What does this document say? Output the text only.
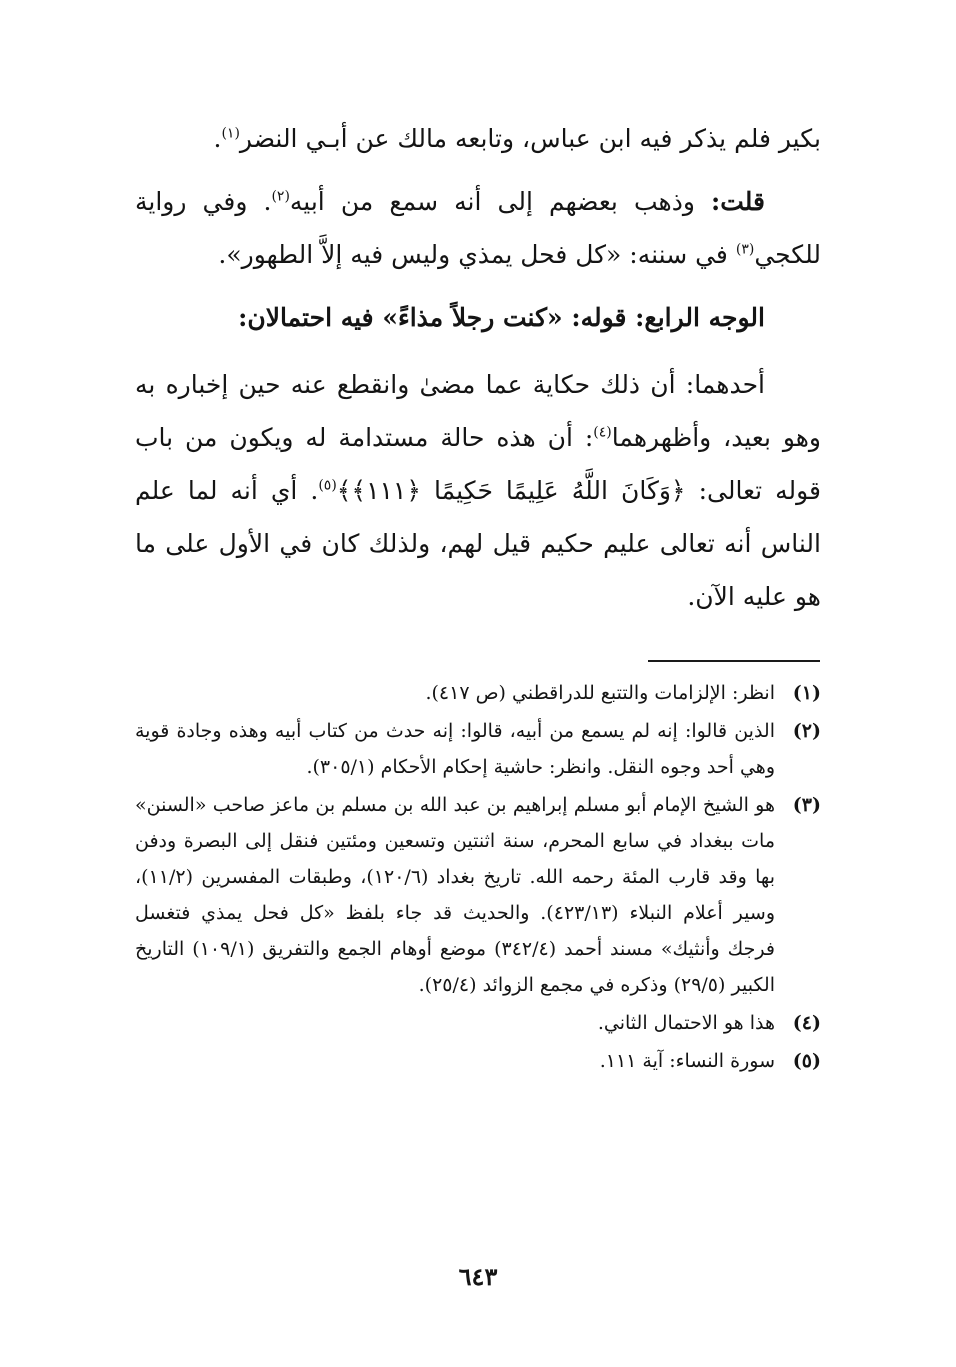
بكير فلم يذكر فيه ابن عباس، وتابعه مالك عن أبـي النضر$^{(١)}$.

قلت: وذهب بعضهم إلى أنه سمع من أبيه$^{(٢)}$. وفي رواية للكجي$^{(٣)}$ في سننه: «كل فحل يمذي وليس فيه إلاَّ الطهور».

الوجه الرابع: قوله: «كنت رجلاً مذاءً» فيه احتمالان:

أحدهما: أن ذلك حكاية عما مضىٰ وانقطع عنه حين إخباره به وهو بعيد، وأظهرهما$^{(٤)}$: أن هذه حالة مستدامة له ويكون من باب قوله تعالى: ﴿وَكَانَ اللَّهُ عَلِيمًا حَكِيمًا ﴿١١١﴾﴾$^{(٥)}$. أي أنه لما علم الناس أنه تعالى عليم حكيم قيل لهم، ولذلك كان في الأول على ما هو عليه الآن.

(١)
انظر: الإلزامات والتتبع للدراقطني (ص ٤١٧).
(٢)
الذين قالوا: إنه لم يسمع من أبيه، قالوا: إنه حدث من كتاب أبيه وهذه وجادة قوية وهي أحد وجوه النقل. وانظر: حاشية إحكام الأحكام (٣٠٥/١).
(٣)
هو الشيخ الإمام أبو مسلم إبراهيم بن عبد الله بن مسلم بن ماعز صاحب «السنن» مات ببغداد في سابع المحرم، سنة اثنتين وتسعين ومئتين فنقل إلى البصرة ودفن بها وقد قارب المئة رحمه الله. تاريخ بغداد (١٢٠/٦)، وطبقات المفسرين (١١/٢)، وسير أعلام النبلاء (٤٢٣/١٣). والحديث قد جاء بلفظ «كل فحل يمذي فتغسل فرجك وأنثيك» مسند أحمد (٣٤٢/٤) موضع أوهام الجمع والتفريق (١٠٩/١) التاريخ الكبير (٢٩/٥) وذكره في مجمع الزوائد (٢٥/٤).
(٤)
هذا هو الاحتمال الثاني.
(٥)
سورة النساء: آية ١١١.
٦٤٣
